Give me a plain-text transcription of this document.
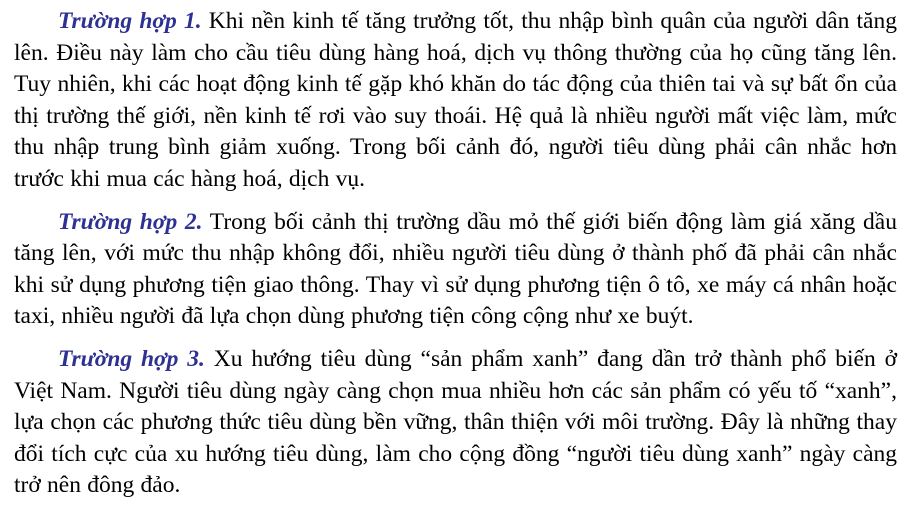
Trường hợp 1. Khi nền kinh tế tăng trưởng tốt, thu nhập bình quân của người dân tăng lên. Điều này làm cho cầu tiêu dùng hàng hoá, dịch vụ thông thường của họ cũng tăng lên. Tuy nhiên, khi các hoạt động kinh tế gặp khó khăn do tác động của thiên tai và sự bất ổn của thị trường thế giới, nền kinh tế rơi vào suy thoái. Hệ quả là nhiều người mất việc làm, mức thu nhập trung bình giảm xuống. Trong bối cảnh đó, người tiêu dùng phải cân nhắc hơn trước khi mua các hàng hoá, dịch vụ.

Trường hợp 2. Trong bối cảnh thị trường dầu mỏ thế giới biến động làm giá xăng dầu tăng lên, với mức thu nhập không đổi, nhiều người tiêu dùng ở thành phố đã phải cân nhắc khi sử dụng phương tiện giao thông. Thay vì sử dụng phương tiện ô tô, xe máy cá nhân hoặc taxi, nhiều người đã lựa chọn dùng phương tiện công cộng như xe buýt.

Trường hợp 3. Xu hướng tiêu dùng “sản phẩm xanh” đang dần trở thành phổ biến ở Việt Nam. Người tiêu dùng ngày càng chọn mua nhiều hơn các sản phẩm có yếu tố “xanh”, lựa chọn các phương thức tiêu dùng bền vững, thân thiện với môi trường. Đây là những thay đổi tích cực của xu hướng tiêu dùng, làm cho cộng đồng “người tiêu dùng xanh” ngày càng trở nên đông đảo.
